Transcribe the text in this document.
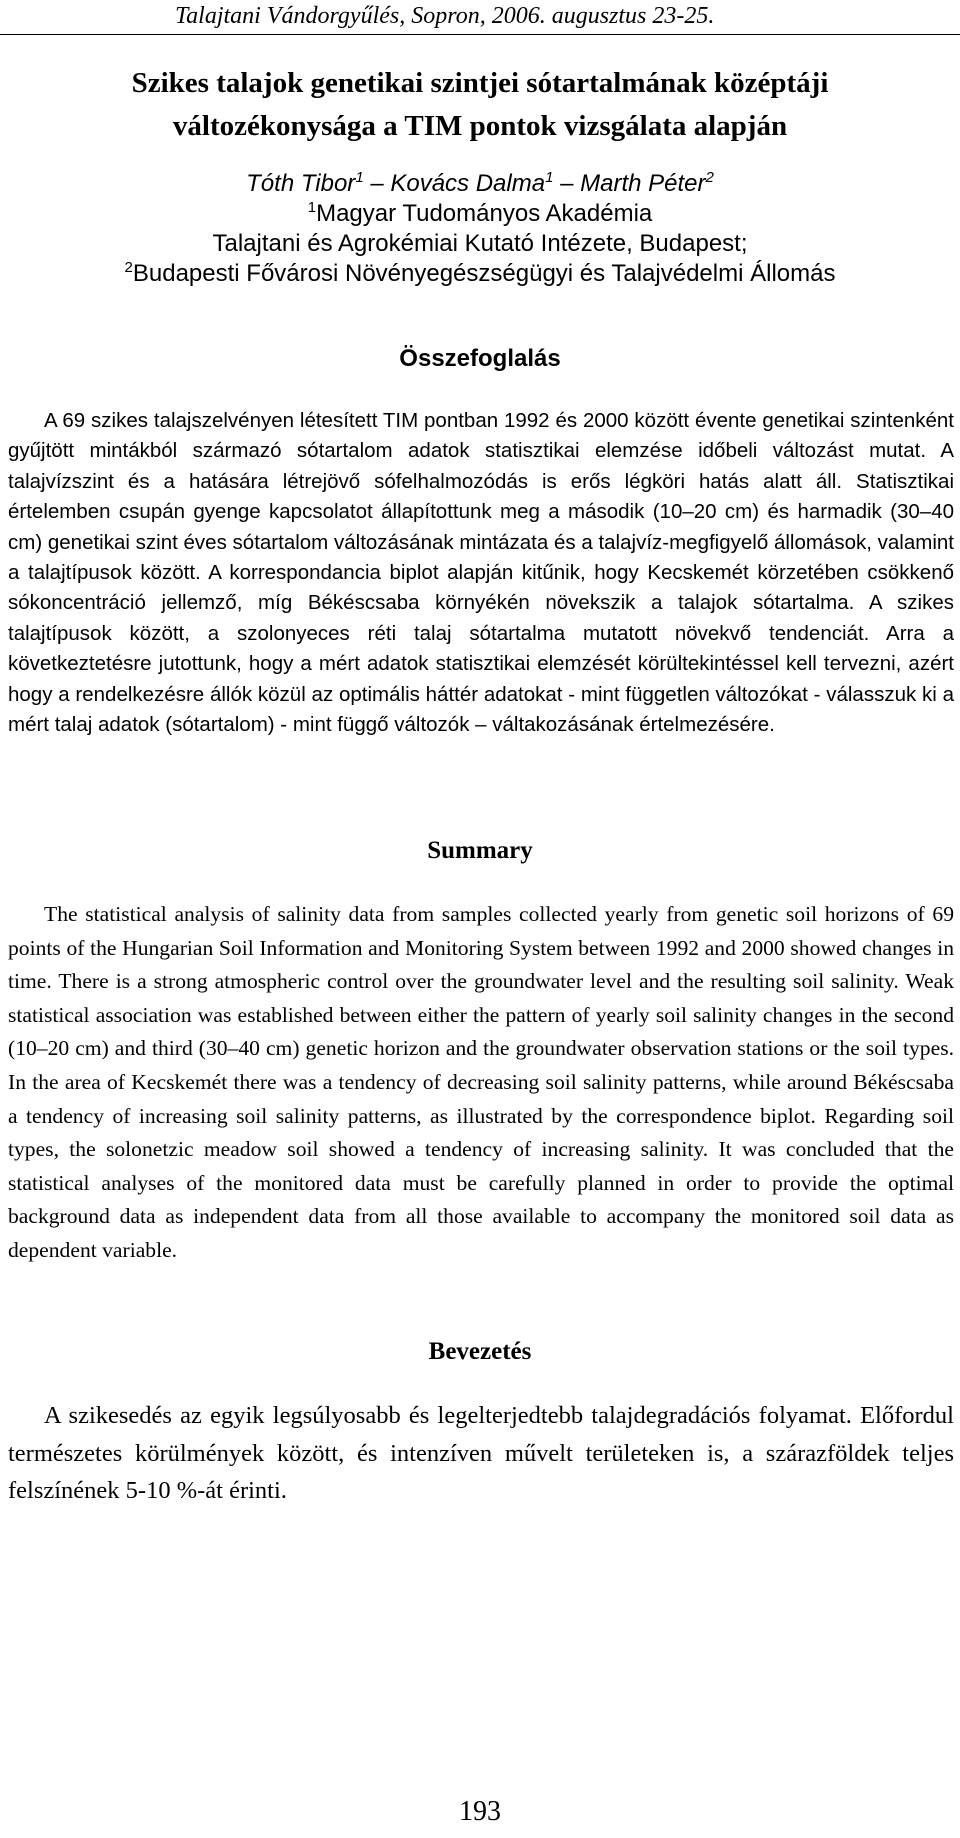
Talajtani Vándorgyűlés, Sopron, 2006. augusztus 23-25.
Szikes talajok genetikai szintjei sótartalmának középtáji
változékonysága a TIM pontok vizsgálata alapján
Tóth Tibor$^1$ – Kovács Dalma$^1$ – Marth Péter$^2$
$^1$Magyar Tudományos Akadémia
Talajtani és Agrokémiai Kutató Intézete, Budapest;
$^2$Budapesti Fővárosi Növényegészségügyi és Talajvédelmi Állomás
Összefoglalás

A 69 szikes talajszelvényen létesített TIM pontban 1992 és 2000 között évente genetikai szintenként gyűjtött mintákból származó sótartalom adatok statisztikai elemzése időbeli változást mutat. A talajvízszint és a hatására létrejövő sófelhalmozódás is erős légköri hatás alatt áll. Statisztikai értelemben csupán gyenge kapcsolatot állapítottunk meg a második (10–20 cm) és harmadik (30–40 cm) genetikai szint éves sótartalom változásának mintázata és a talajvíz-megfigyelő állomások, valamint a talajtípusok között. A korrespondancia biplot alapján kitűnik, hogy Kecskemét körzetében csökkenő sókoncentráció jellemző, míg Békéscsaba környékén növekszik a talajok sótartalma. A szikes talajtípusok között, a szolonyeces réti talaj sótartalma mutatott növekvő tendenciát. Arra a következtetésre jutottunk, hogy a mért adatok statisztikai elemzését körültekintéssel kell tervezni, azért hogy a rendelkezésre állók közül az optimális háttér adatokat - mint független változókat - válasszuk ki a mért talaj adatok (sótartalom) - mint függő változók – váltakozásának értelmezésére.

Summary

The statistical analysis of salinity data from samples collected yearly from genetic soil horizons of 69 points of the Hungarian Soil Information and Monitoring System between 1992 and 2000 showed changes in time. There is a strong atmospheric control over the groundwater level and the resulting soil salinity. Weak statistical association was established between either the pattern of yearly soil salinity changes in the second (10–20 cm) and third (30–40 cm) genetic horizon and the groundwater observation stations or the soil types. In the area of Kecskemét there was a tendency of decreasing soil salinity patterns, while around Békéscsaba a tendency of increasing soil salinity patterns, as illustrated by the correspondence biplot. Regarding soil types, the solonetzic meadow soil showed a tendency of increasing salinity. It was concluded that the statistical analyses of the monitored data must be carefully planned in order to provide the optimal background data as independent data from all those available to accompany the monitored soil data as dependent variable.

Bevezetés

A szikesedés az egyik legsúlyosabb és legelterjedtebb talajdegradációs folyamat. Előfordul természetes körülmények között, és intenzíven művelt területeken is, a szárazföldek teljes felszínének 5-10 %-át érinti.

193
